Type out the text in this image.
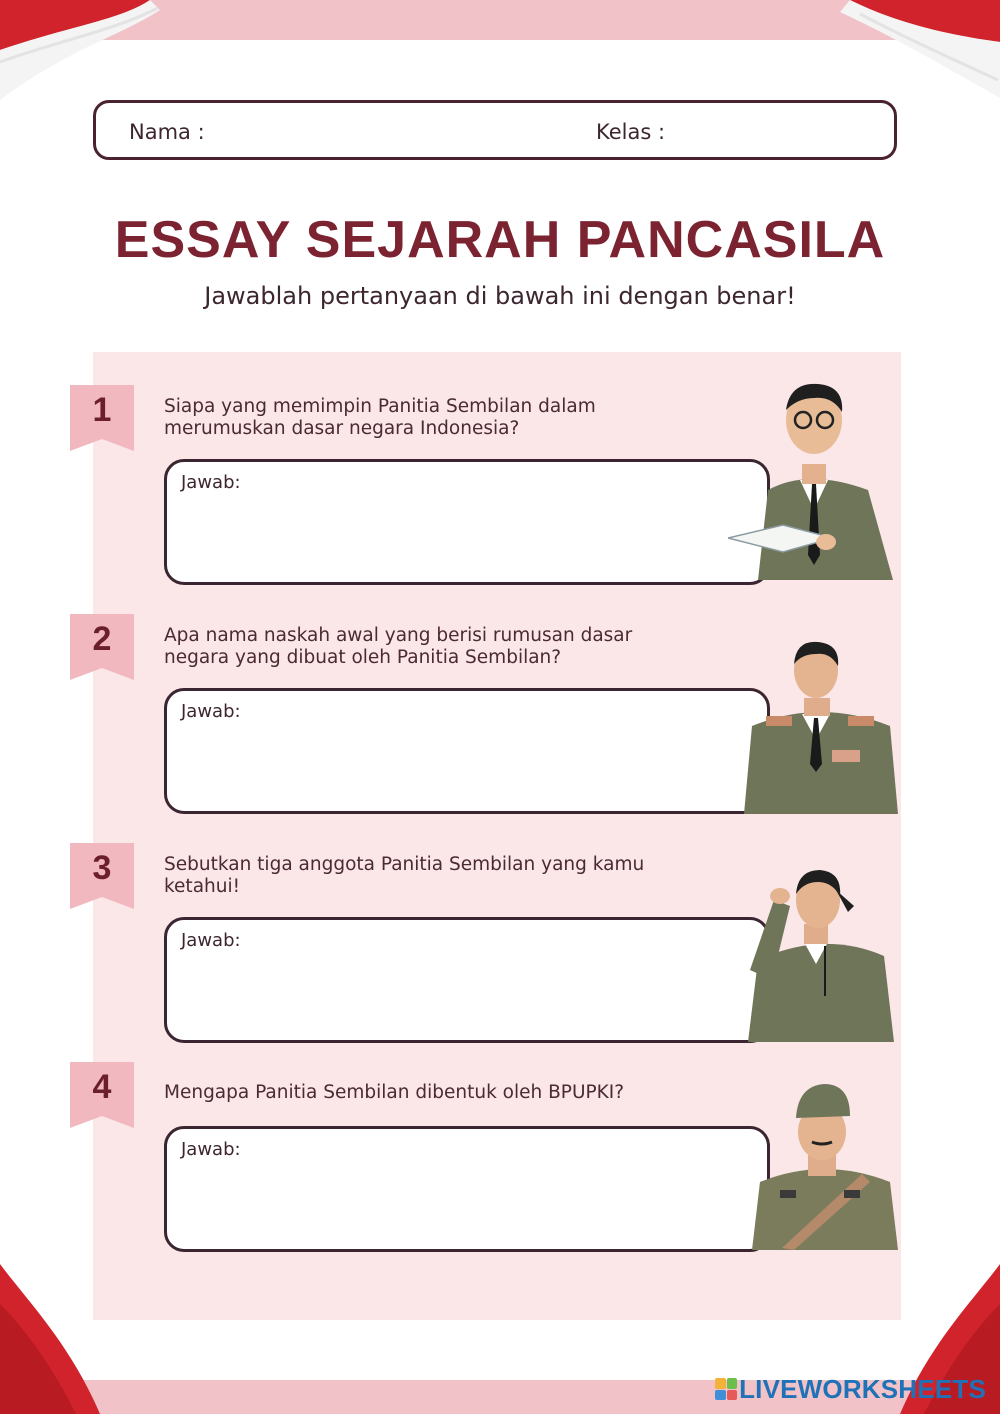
Nama :	Kelas :
ESSAY SEJARAH PANCASILA
Jawablah pertanyaan di bawah ini dengan benar!
1	Siapa yang memimpin Panitia Sembilan dalam
merumuskan dasar negara Indonesia?
Jawab:
2	Apa nama naskah awal yang berisi rumusan dasar
negara yang dibuat oleh Panitia Sembilan?
Jawab:
3	Sebutkan tiga anggota Panitia Sembilan yang kamu
ketahui!
Jawab:
4	Mengapa Panitia Sembilan dibentuk oleh BPUPKI?
Jawab:
LIVEWORKSHEETS
